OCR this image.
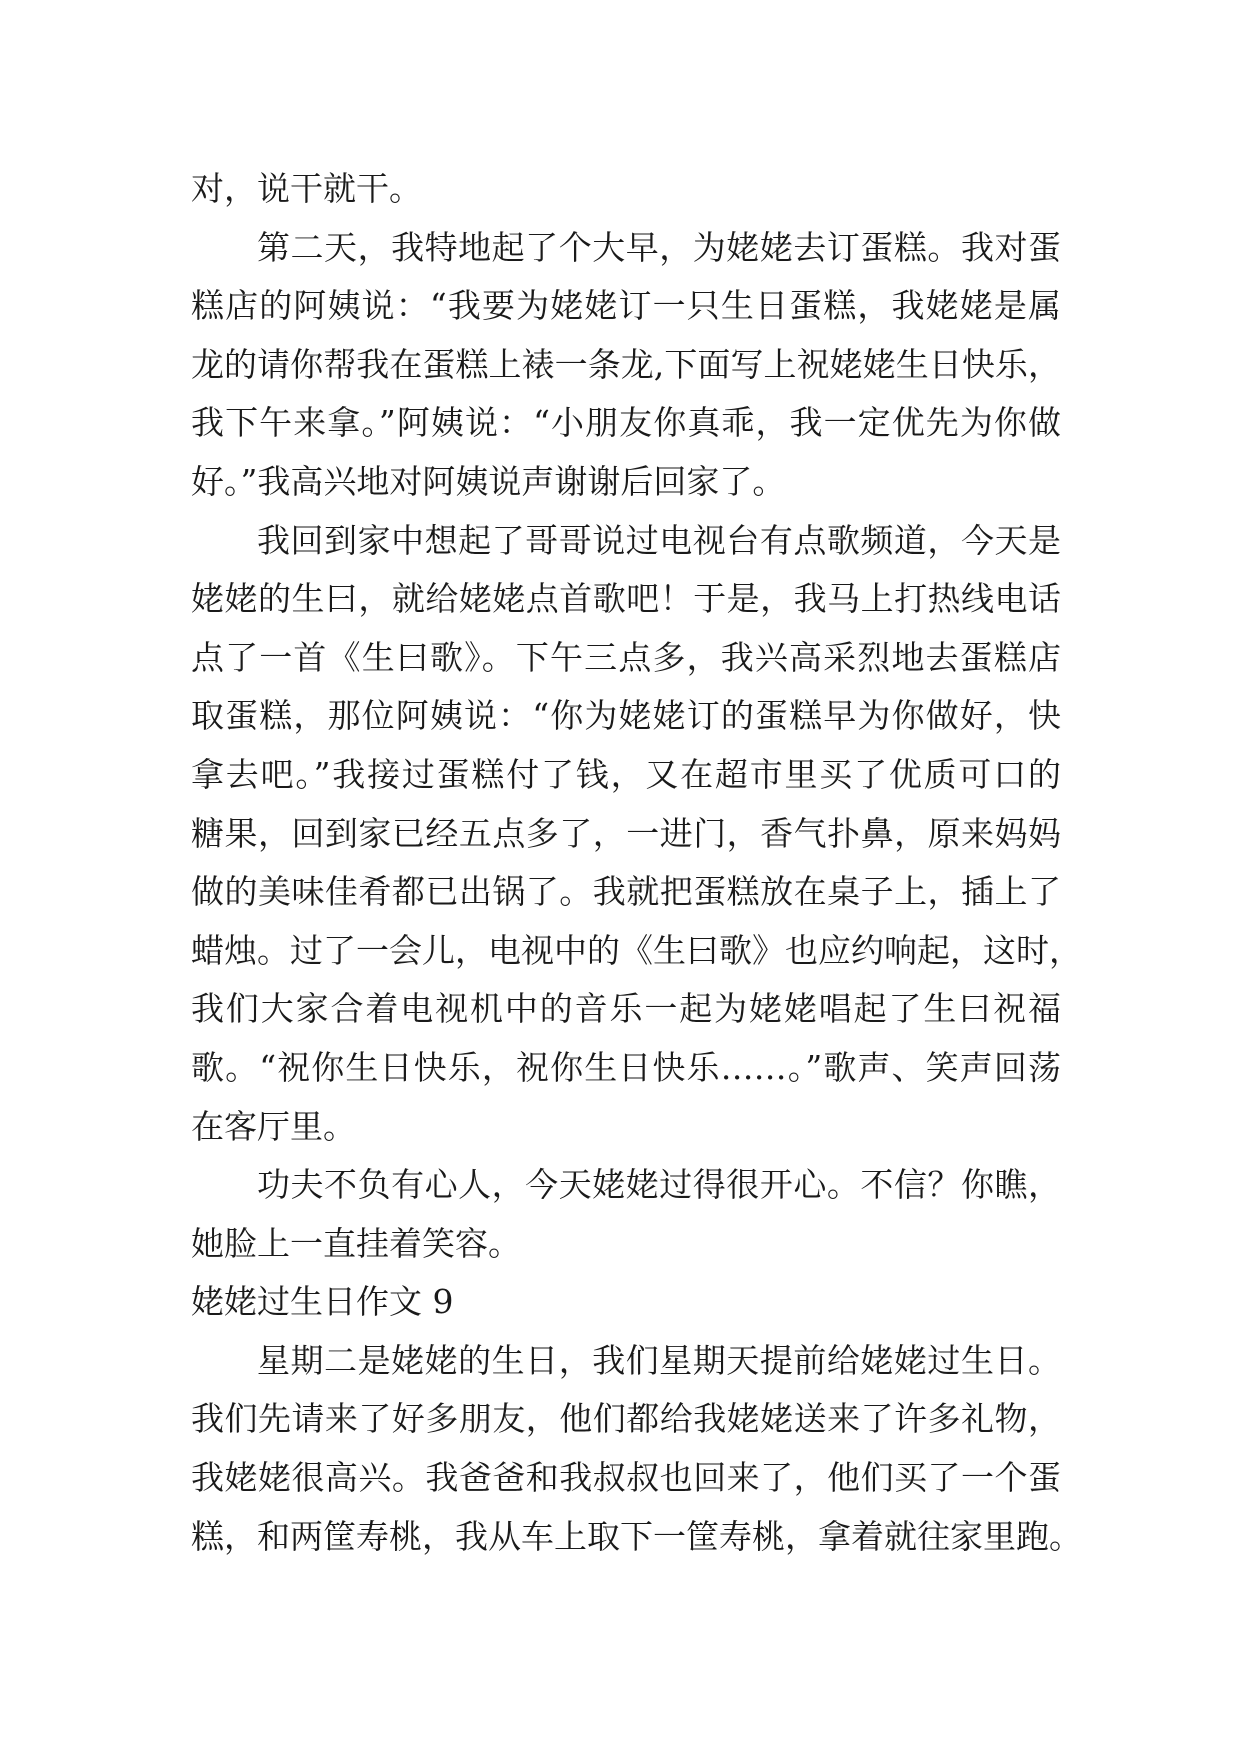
对，说干就干。
第二天，我特地起了个大早，为姥姥去订蛋糕。我对蛋
糕店的阿姨说：“我要为姥姥订一只生日蛋糕，我姥姥是属
龙的请你帮我在蛋糕上裱一条龙,下面写上祝姥姥生日快乐，
我下午来拿。”阿姨说：“小朋友你真乖，我一定优先为你做
好。”我高兴地对阿姨说声谢谢后回家了。
我回到家中想起了哥哥说过电视台有点歌频道，今天是
姥姥的生曰，就给姥姥点首歌吧！于是，我马上打热线电话
点了一首《生曰歌》。下午三点多，我兴高采烈地去蛋糕店
取蛋糕，那位阿姨说：“你为姥姥订的蛋糕早为你做好，快
拿去吧。”我接过蛋糕付了钱，又在超市里买了优质可口的
糖果，回到家已经五点多了，一进门，香气扑鼻，原来妈妈
做的美味佳肴都已出锅了。我就把蛋糕放在桌子上，插上了
蜡烛。过了一会儿，电视中的《生曰歌》也应约响起，这时，
我们大家合着电视机中的音乐一起为姥姥唱起了生曰祝福
歌。“祝你生日快乐，祝你生日快乐……。”歌声、笑声回荡
在客厅里。
功夫不负有心人，今天姥姥过得很开心。不信？你瞧，
她脸上一直挂着笑容。
姥姥过生日作文 9
星期二是姥姥的生日，我们星期天提前给姥姥过生日。
我们先请来了好多朋友，他们都给我姥姥送来了许多礼物，
我姥姥很高兴。我爸爸和我叔叔也回来了，他们买了一个蛋
糕，和两筐寿桃，我从车上取下一筐寿桃，拿着就往家里跑。
